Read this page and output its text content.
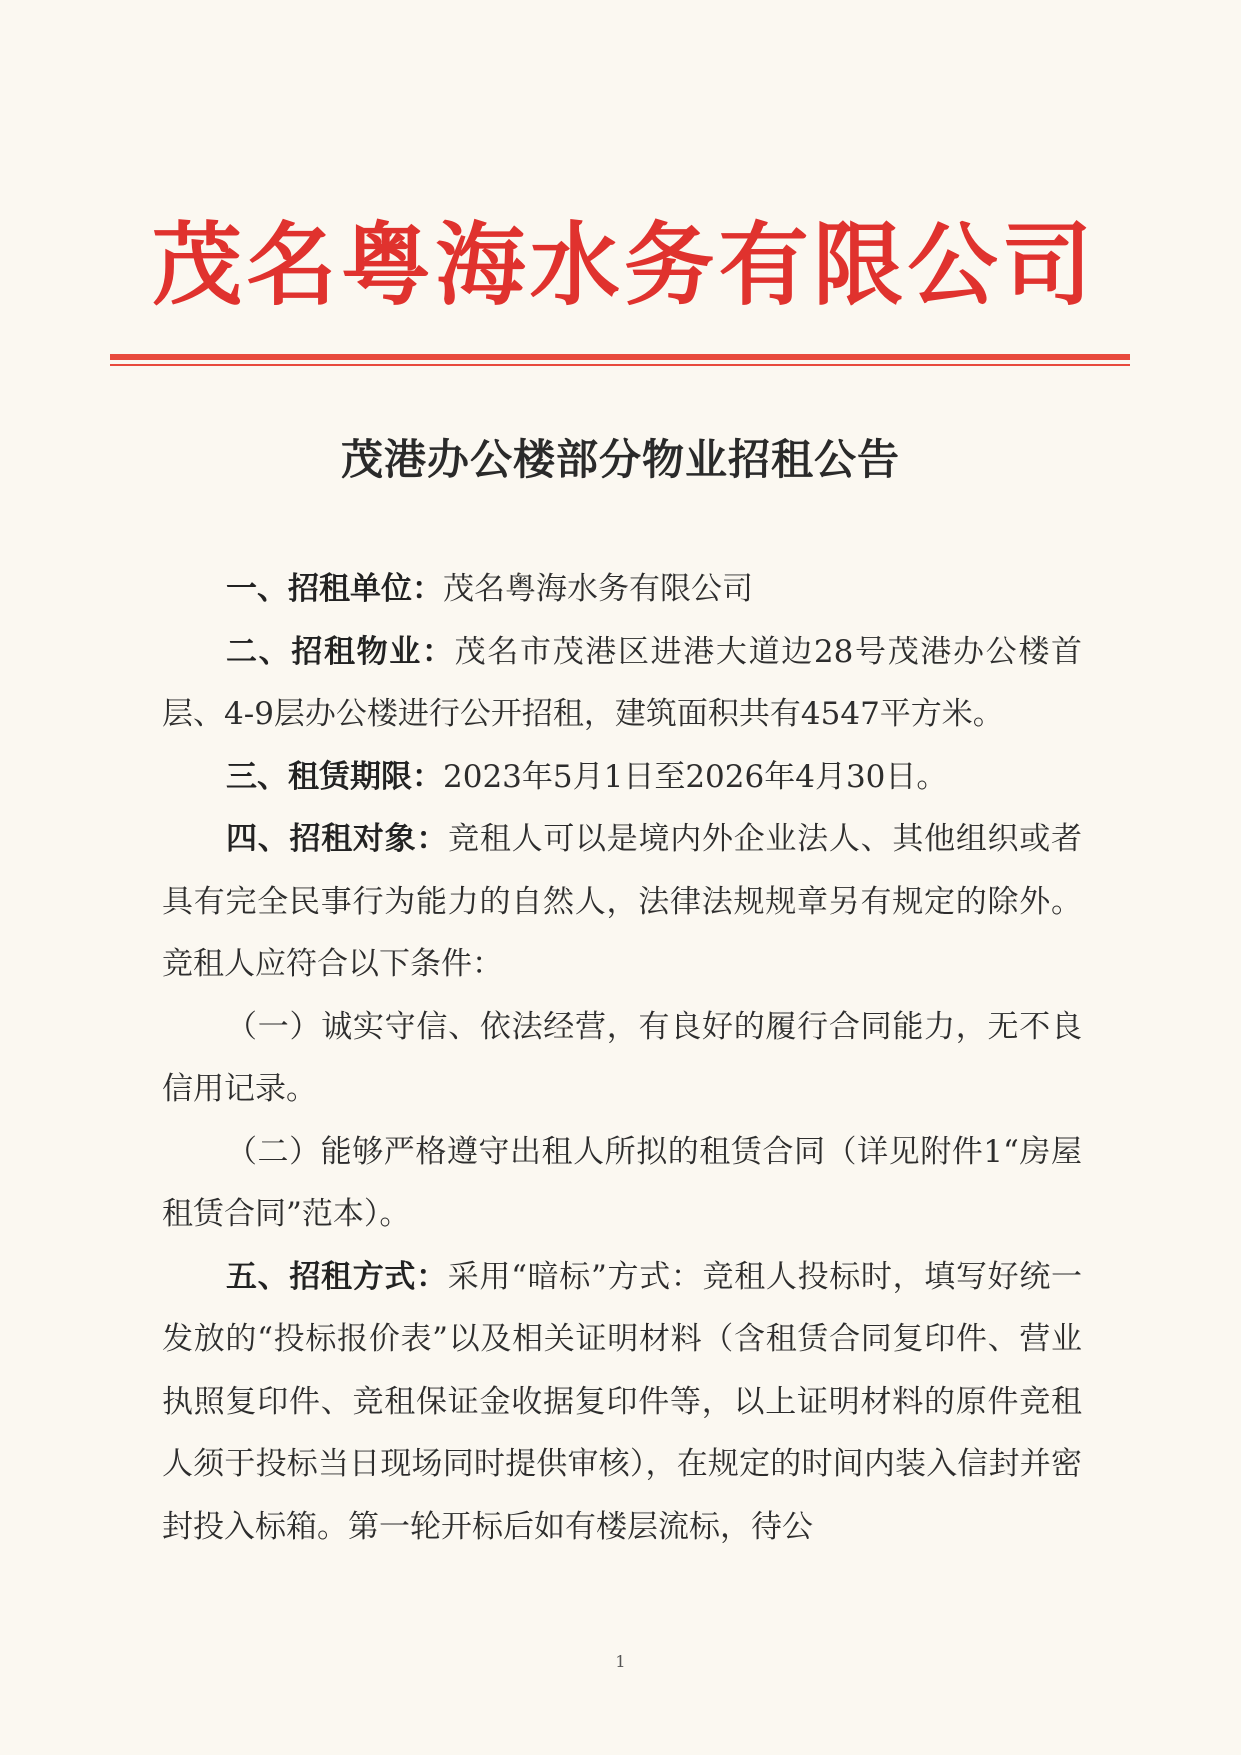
茂名粤海水务有限公司
茂港办公楼部分物业招租公告

一、招租单位：茂名粤海水务有限公司

二、招租物业：茂名市茂港区进港大道边28号茂港办公楼首层、4-9层办公楼进行公开招租，建筑面积共有4547平方米。

三、租赁期限：2023年5月1日至2026年4月30日。

四、招租对象：竞租人可以是境内外企业法人、其他组织或者具有完全民事行为能力的自然人，法律法规规章另有规定的除外。竞租人应符合以下条件：

（一）诚实守信、依法经营，有良好的履行合同能力，无不良信用记录。

（二）能够严格遵守出租人所拟的租赁合同（详见附件1“房屋租赁合同”范本）。

五、招租方式：采用“暗标”方式：竞租人投标时，填写好统一发放的“投标报价表”以及相关证明材料（含租赁合同复印件、营业执照复印件、竞租保证金收据复印件等，以上证明材料的原件竞租人须于投标当日现场同时提供审核），在规定的时间内装入信封并密封投入标箱。第一轮开标后如有楼层流标，待公

1
